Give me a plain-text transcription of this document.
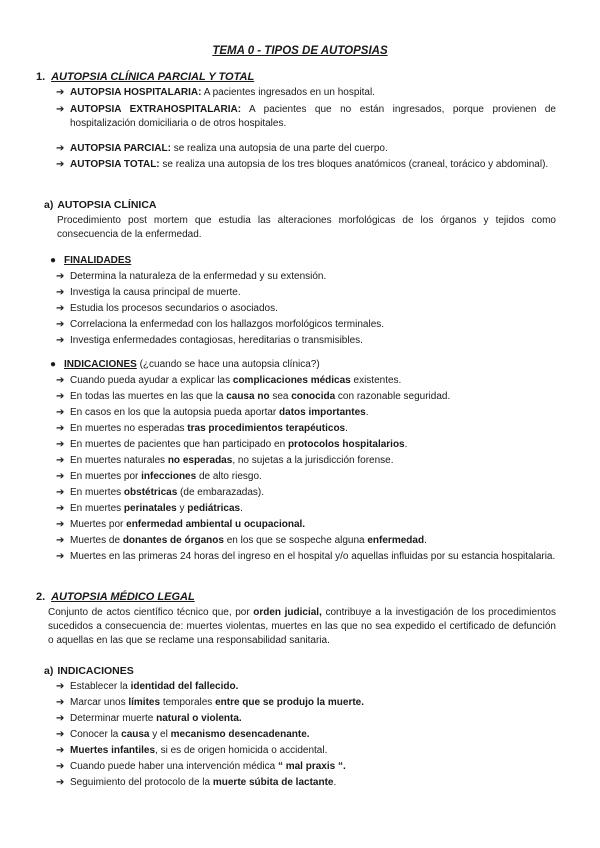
TEMA 0 - TIPOS DE AUTOPSIAS
1. AUTOPSIA CLÍNICA PARCIAL Y TOTAL
➔ AUTOPSIA HOSPITALARIA: A pacientes ingresados en un hospital.
➔ AUTOPSIA EXTRAHOSPITALARIA: A pacientes que no están ingresados, porque provienen de hospitalización domiciliaria o de otros hospitales.
➔ AUTOPSIA PARCIAL: se realiza una autopsia de una parte del cuerpo.
➔ AUTOPSIA TOTAL: se realiza una autopsia de los tres bloques anatómicos (craneal, torácico y abdominal).
a) AUTOPSIA CLÍNICA
Procedimiento post mortem que estudia las alteraciones morfológicas de los órganos y tejidos como consecuencia de la enfermedad.
● FINALIDADES
➔ Determina la naturaleza de la enfermedad y su extensión.
➔ Investiga la causa principal de muerte.
➔ Estudia los procesos secundarios o asociados.
➔ Correlaciona la enfermedad con los hallazgos morfológicos terminales.
➔ Investiga enfermedades contagiosas, hereditarias o transmisibles.
● INDICACIONES (¿cuando se hace una autopsia clínica?)
➔ Cuando pueda ayudar a explicar las complicaciones médicas existentes.
➔ En todas las muertes en las que la causa no sea conocida con razonable seguridad.
➔ En casos en los que la autopsia pueda aportar datos importantes.
➔ En muertes no esperadas tras procedimientos terapéuticos.
➔ En muertes de pacientes que han participado en protocolos hospitalarios.
➔ En muertes naturales no esperadas, no sujetas a la jurisdicción forense.
➔ En muertes por infecciones de alto riesgo.
➔ En muertes obstétricas (de embarazadas).
➔ En muertes perinatales y pediátricas.
➔ Muertes por enfermedad ambiental u ocupacional.
➔ Muertes de donantes de órganos en los que se sospeche alguna enfermedad.
➔ Muertes en las primeras 24 horas del ingreso en el hospital y/o aquellas influidas por su estancia hospitalaria.
2. AUTOPSIA MÉDICO LEGAL
Conjunto de actos científico técnico que, por orden judicial, contribuye a la investigación de los procedimientos sucedidos a consecuencia de: muertes violentas, muertes en las que no sea expedido el certificado de defunción o aquellas en las que se reclame una responsabilidad sanitaria.
a) INDICACIONES
➔ Establecer la identidad del fallecido.
➔ Marcar unos límites temporales entre que se produjo la muerte.
➔ Determinar muerte natural o violenta.
➔ Conocer la causa y el mecanismo desencadenante.
➔ Muertes infantiles, si es de origen homicida o accidental.
➔ Cuando puede haber una intervención médica “ mal praxis “.
➔ Seguimiento del protocolo de la muerte súbita de lactante.
